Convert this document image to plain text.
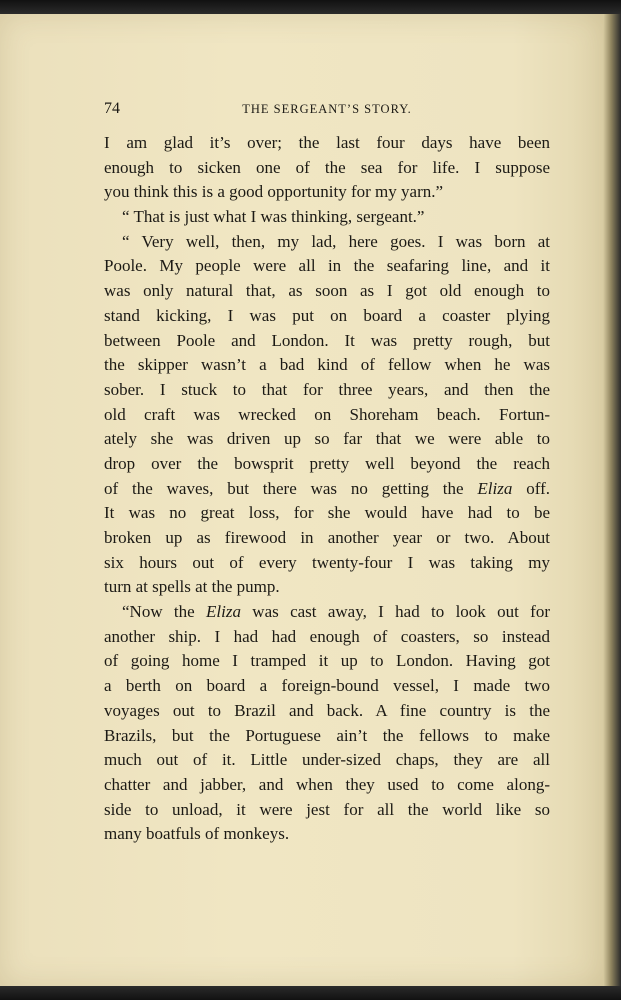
74	THE SERGEANT’S STORY.
I am glad it’s over; the last four days have been
enough to sicken one of the sea for life. I suppose
you think this is a good opportunity for my yarn.”
“ That is just what I was thinking, sergeant.”
“ Very well, then, my lad, here goes. I was born at
Poole. My people were all in the seafaring line, and it
was only natural that, as soon as I got old enough to
stand kicking, I was put on board a coaster plying
between Poole and London. It was pretty rough, but
the skipper wasn’t a bad kind of fellow when he was
sober. I stuck to that for three years, and then the
old craft was wrecked on Shoreham beach. Fortun-
ately she was driven up so far that we were able to
drop over the bowsprit pretty well beyond the reach
of the waves, but there was no getting the Eliza off.
It was no great loss, for she would have had to be
broken up as firewood in another year or two. About
six hours out of every twenty-four I was taking my
turn at spells at the pump.
“Now the Eliza was cast away, I had to look out for
another ship. I had had enough of coasters, so instead
of going home I tramped it up to London. Having got
a berth on board a foreign-bound vessel, I made two
voyages out to Brazil and back. A fine country is the
Brazils, but the Portuguese ain’t the fellows to make
much out of it. Little under-sized chaps, they are all
chatter and jabber, and when they used to come along-
side to unload, it were jest for all the world like so
many boatfuls of monkeys.
